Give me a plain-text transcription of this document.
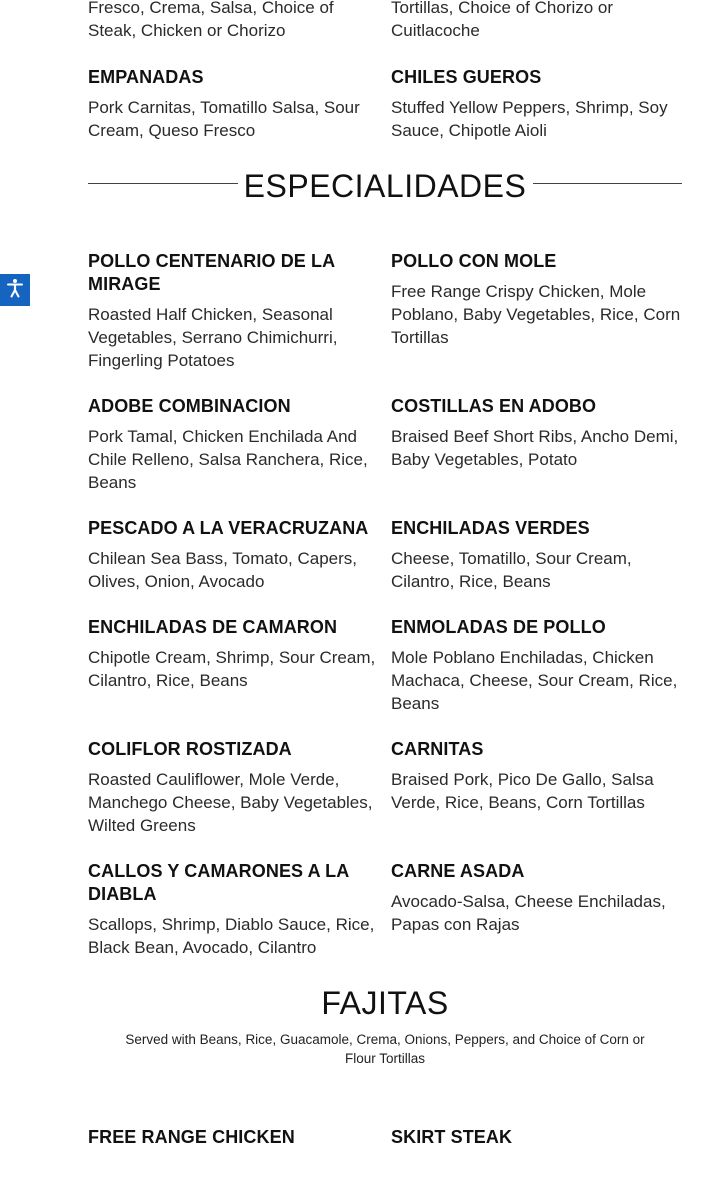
Fresco, Crema, Salsa, Choice of Steak, Chicken or Chorizo

Tortillas, Choice of Chorizo or Cuitlacoche

EMPANADAS

Pork Carnitas, Tomatillo Salsa, Sour Cream, Queso Fresco

CHILES GUEROS

Stuffed Yellow Peppers, Shrimp, Soy Sauce, Chipotle Aioli

ESPECIALIDADES

POLLO CENTENARIO DE LA MIRAGE

Roasted Half Chicken, Seasonal Vegetables, Serrano Chimichurri, Fingerling Potatoes

POLLO CON MOLE

Free Range Crispy Chicken, Mole Poblano, Baby Vegetables, Rice, Corn Tortillas

ADOBE COMBINACION

Pork Tamal, Chicken Enchilada And Chile Relleno, Salsa Ranchera, Rice, Beans

COSTILLAS EN ADOBO

Braised Beef Short Ribs, Ancho Demi, Baby Vegetables, Potato

PESCADO A LA VERACRUZANA

Chilean Sea Bass, Tomato, Capers, Olives, Onion, Avocado

ENCHILADAS VERDES

Cheese, Tomatillo, Sour Cream, Cilantro, Rice, Beans

ENCHILADAS DE CAMARON

Chipotle Cream, Shrimp, Sour Cream, Cilantro, Rice, Beans

ENMOLADAS DE POLLO

Mole Poblano Enchiladas, Chicken Machaca, Cheese, Sour Cream, Rice, Beans

COLIFLOR ROSTIZADA

Roasted Cauliflower, Mole Verde, Manchego Cheese, Baby Vegetables, Wilted Greens

CARNITAS

Braised Pork, Pico De Gallo, Salsa Verde, Rice, Beans, Corn Tortillas

CALLOS Y CAMARONES A LA DIABLA

Scallops, Shrimp, Diablo Sauce, Rice, Black Bean, Avocado, Cilantro

CARNE ASADA

Avocado-Salsa, Cheese Enchiladas, Papas con Rajas

FAJITAS
Served with Beans, Rice, Guacamole, Crema, Onions, Peppers, and Choice of Corn or Flour Tortillas

FREE RANGE CHICKEN	SKIRT STEAK
